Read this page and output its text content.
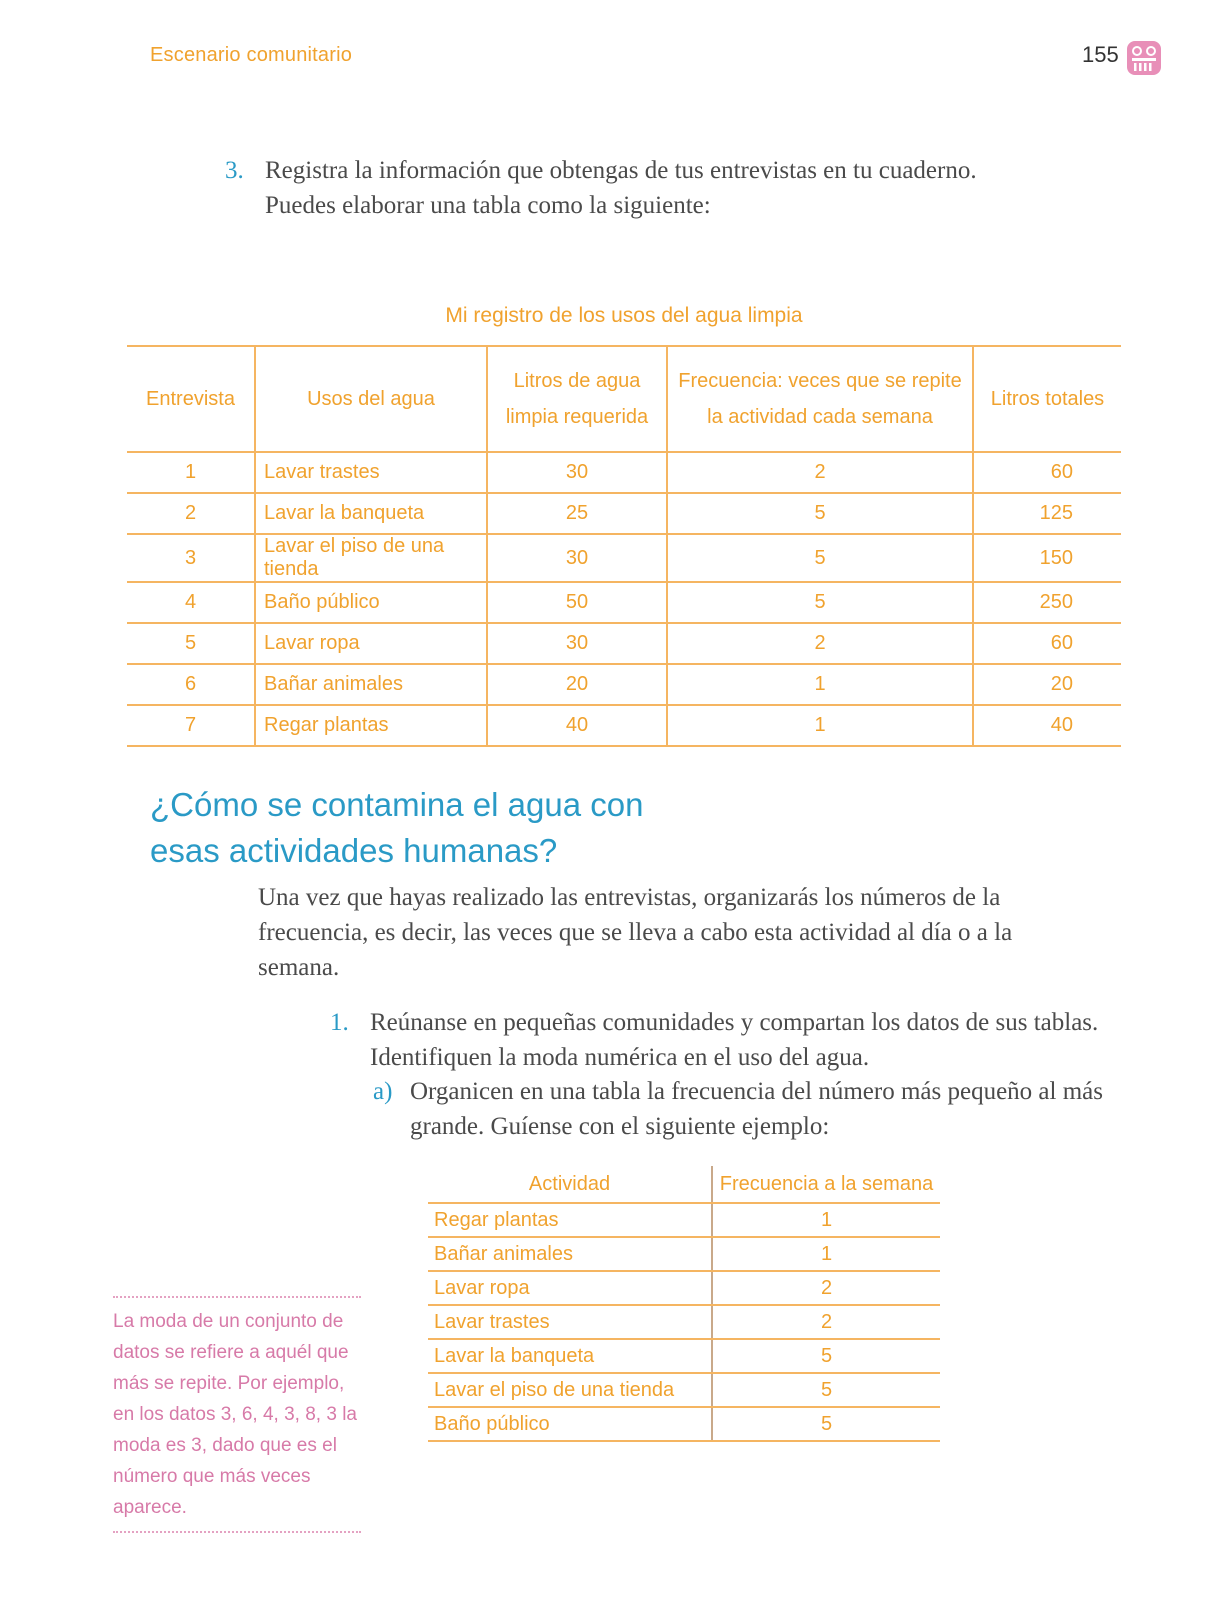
Escenario comunitario	155
3. Registra la información que obtengas de tus entrevistas en tu cuaderno. Puedes elaborar una tabla como la siguiente:
Mi registro de los usos del agua limpia
Entrevista	Usos del agua	Litros de agua limpia requerida	Frecuencia: veces que se repite la actividad cada semana	Litros totales
1	Lavar trastes	30	2	60
2	Lavar la banqueta	25	5	125
3	Lavar el piso de una tienda	30	5	150
4	Baño público	50	5	250
5	Lavar ropa	30	2	60
6	Bañar animales	20	1	20
7	Regar plantas	40	1	40
¿Cómo se contamina el agua con
esas actividades humanas?
Una vez que hayas realizado las entrevistas, organizarás los números de la frecuencia, es decir, las veces que se lleva a cabo esta actividad al día o a la semana.
1. Reúnanse en pequeñas comunidades y compartan los datos de sus tablas. Identifiquen la moda numérica en el uso del agua.
a) Organicen en una tabla la frecuencia del número más pequeño al más grande. Guíense con el siguiente ejemplo:
Actividad	Frecuencia a la semana
Regar plantas	1
Bañar animales	1
Lavar ropa	2
Lavar trastes	2
Lavar la banqueta	5
Lavar el piso de una tienda	5
Baño público	5
La moda de un conjunto de datos se refiere a aquél que más se repite. Por ejemplo, en los datos 3, 6, 4, 3, 8, 3 la moda es 3, dado que es el número que más veces aparece.
